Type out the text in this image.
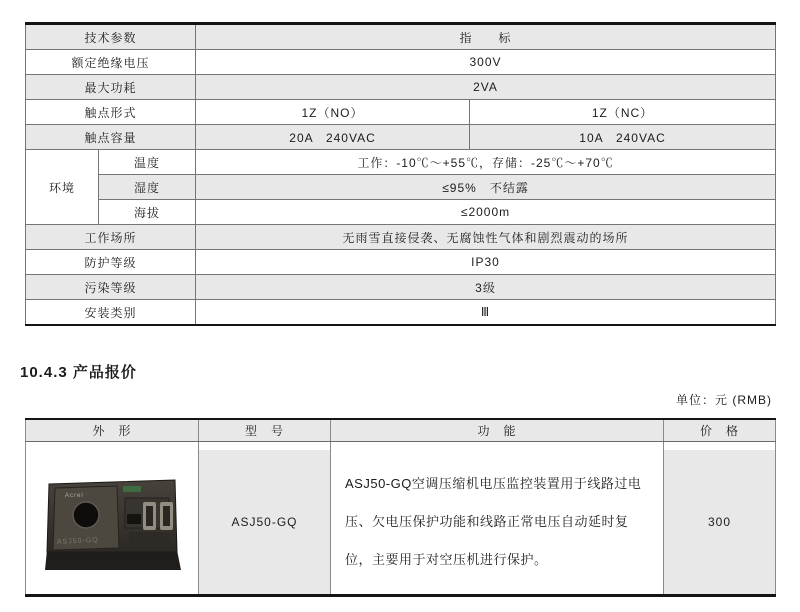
技术参数		指　　标	
额定绝缘电压		300V	
最大功耗		2VA	
触点形式		1Z（NO）	1Z（NC）
触点容量		20A　240VAC	10A　240VAC
环境	温度	工作：-10℃～+55℃，存储：-25℃～+70℃	
	湿度	≤95%　不结露	
	海拔	≤2000m	
工作场所		无雨雪直接侵袭、无腐蚀性气体和剧烈震动的场所	
防护等级		IP30	
污染等级		3级	
安装类别		Ⅲ	
10.4.3 产品报价
单位：元 (RMB)
外　形	型　号	功　能	价　格

Acrel
ASJ50-GQ	ASJ50-GQ	ASJ50-GQ空调压缩机电压监控装置用于线路过电压、欠电压保护功能和线路正常电压自动延时复位，主要用于对空压机进行保护。	300
